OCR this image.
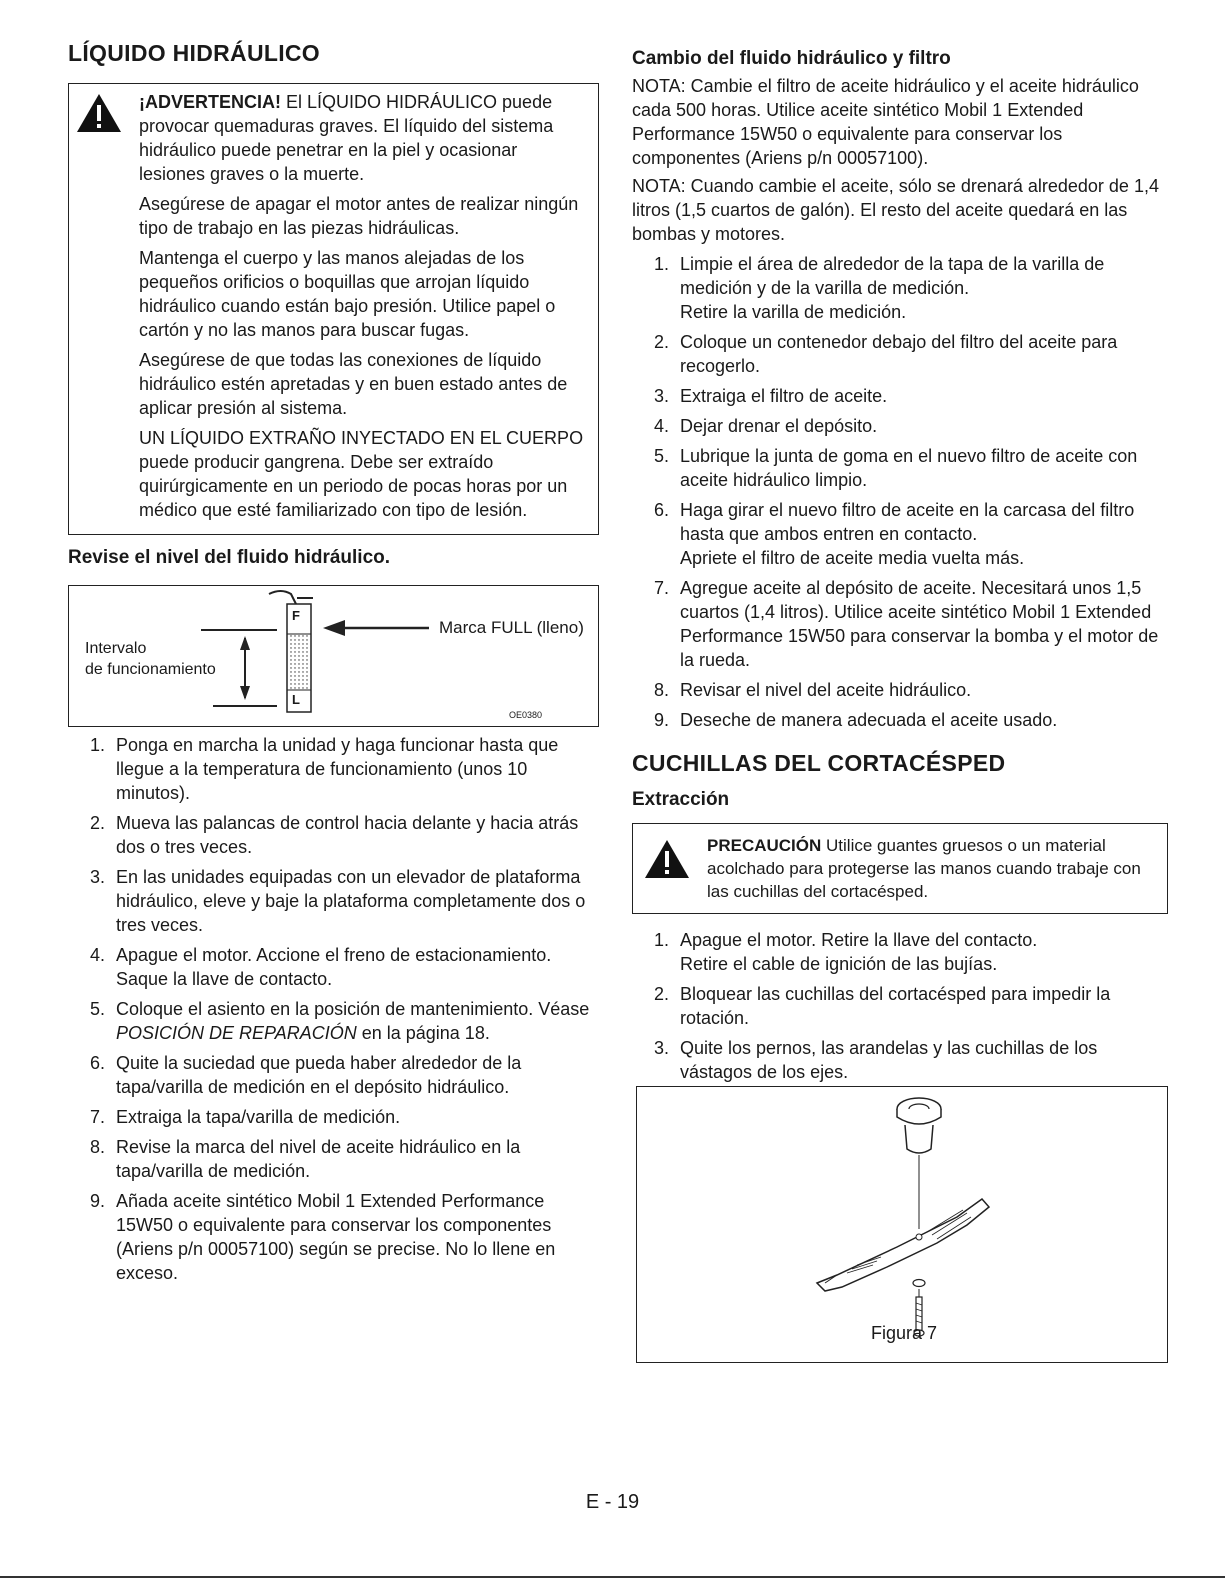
LÍQUIDO HIDRÁULICO

¡ADVERTENCIA! El LÍQUIDO HIDRÁULICO puede provocar quemaduras graves. El líquido del sistema hidráulico puede penetrar en la piel y ocasionar lesiones graves o la muerte.

Asegúrese de apagar el motor antes de realizar ningún tipo de trabajo en las piezas hidráulicas.

Mantenga el cuerpo y las manos alejadas de los pequeños orificios o boquillas que arrojan líquido hidráulico cuando están bajo presión. Utilice papel o cartón y no las manos para buscar fugas.

Asegúrese de que todas las conexiones de líquido hidráulico estén apretadas y en buen estado antes de aplicar presión al sistema.

UN LÍQUIDO EXTRAÑO INYECTADO EN EL CUERPO puede producir gangrena. Debe ser extraído quirúrgicamente en un periodo de pocas horas por un médico que esté familiarizado con tipo de lesión.

Revise el nivel del fluido hidráulico.
F
L
Intervalo
de funcionamiento
Marca FULL (lleno)
OE0380
1. Ponga en marcha la unidad y haga funcionar hasta que llegue a la temperatura de funcionamiento (unos 10 minutos).
2. Mueva las palancas de control hacia delante y hacia atrás dos o tres veces.
3. En las unidades equipadas con un elevador de plataforma hidráulico, eleve y baje la plataforma completamente dos o tres veces.
4. Apague el motor. Accione el freno de estacionamiento. Saque la llave de contacto.
5. Coloque el asiento en la posición de mantenimiento. Véase POSICIÓN DE REPARACIÓN en la página 18.
6. Quite la suciedad que pueda haber alrededor de la tapa/varilla de medición en el depósito hidráulico.
7. Extraiga la tapa/varilla de medición.
8. Revise la marca del nivel de aceite hidráulico en la tapa/varilla de medición.
9. Añada aceite sintético Mobil 1 Extended Performance 15W50 o equivalente para conservar los componentes (Ariens p/n 00057100) según se precise. No lo llene en exceso.
Cambio del fluido hidráulico y filtro

NOTA: Cambie el filtro de aceite hidráulico y el aceite hidráulico cada 500 horas. Utilice aceite sintético Mobil 1 Extended Performance 15W50 o equivalente para conservar los componentes (Ariens p/n 00057100).

NOTA: Cuando cambie el aceite, sólo se drenará alrededor de 1,4 litros (1,5 cuartos de galón). El resto del aceite quedará en las bombas y motores.

1. Limpie el área de alrededor de la tapa de la varilla de medición y de la varilla de medición.
Retire la varilla de medición.
2. Coloque un contenedor debajo del filtro del aceite para recogerlo.
3. Extraiga el filtro de aceite.
4. Dejar drenar el depósito.
5. Lubrique la junta de goma en el nuevo filtro de aceite con aceite hidráulico limpio.
6. Haga girar el nuevo filtro de aceite en la carcasa del filtro hasta que ambos entren en contacto.
Apriete el filtro de aceite media vuelta más.
7. Agregue aceite al depósito de aceite. Necesitará unos 1,5 cuartos (1,4 litros). Utilice aceite sintético Mobil 1 Extended Performance 15W50 para conservar la bomba y el motor de la rueda.
8. Revisar el nivel del aceite hidráulico.
9. Deseche de manera adecuada el aceite usado.
CUCHILLAS DEL CORTACÉSPED
Extracción
PRECAUCIÓN Utilice guantes gruesos o un material acolchado para protegerse las manos cuando trabaje con las cuchillas del cortacésped.
1. Apague el motor. Retire la llave del contacto.
Retire el cable de ignición de las bujías.
2. Bloquear las cuchillas del cortacésped para impedir la rotación.
3. Quite los pernos, las arandelas y las cuchillas de los vástagos de los ejes.
Figura 7
E - 19
